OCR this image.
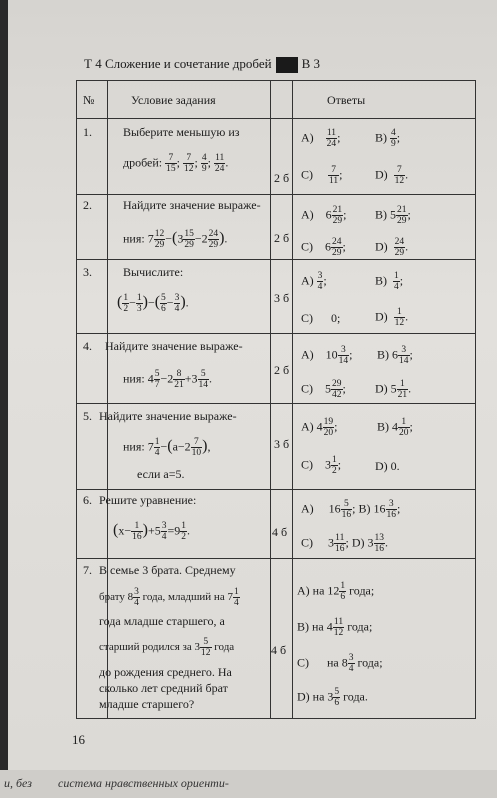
Т 4 Сложение и сочетание дробей В 3
№	Условие задания	Ответы
1.	Выберите меньшую из
дробей: $\frac{7}{15}$ ; $\frac{7}{12}$ ; $\frac{4}{9}$ ; $\frac{11}{24}$ .
2 б
$А) \frac{11}{24}$ ;	$В) \frac{4}{9}$ ;
$С) \frac{7}{11}$ ;	$D) \frac{7}{12}$ .
2.	Найдите значение выраже-
ния: $7 \frac{12}{29} -(3 \frac{15}{29} -2 \frac{24}{29}$ ).	2 б
А)    $6 \frac{21}{29}$ ; В) $5 \frac{21}{29}$ ;
С)    $6 \frac{24}{29}$ ; $D) \frac{24}{29}$ .
3.	Вычислите:
( $\frac{1}{2} - \frac{1}{3}$ )−( $\frac{5}{6} - \frac{3}{4}$ ).	3 б
$А) \frac{3}{4}$ ;	$В) \frac{1}{4}$ ;
С) 0;	$D) \frac{1}{12}$ .
4. Найдите значение выраже-
ния: $4 \frac{5}{7} -2 \frac{8}{21} +3 \frac{5}{14}$ .
2 б
А)    $10 \frac{3}{14}$ ; В) $6 \frac{3}{14}$ ;
С)    $5 \frac{29}{42}$ ; D) $5 \frac{1}{21}$ .
5. Найдите значение выраже-
ния: $7 \frac{1}{4} -(a-2 \frac{7}{10}$ ),
если a=5.
3 б
А) $4 \frac{19}{20}$ ;	В) $4 \frac{1}{20}$ ;
С)    $3 \frac{1}{2}$ ;	D) 0.
6. Решите уравнение:
$(x- \frac{1}{16} )+5 \frac{3}{4} =9 \frac{1}{2}$ .	4 б
А)     $16 \frac{5}{16}$ ; В) $16 \frac{3}{16}$ ;
С)     $3 \frac{11}{16}$ ; D) $3 \frac{13}{16}$ .
7. В семье 3 брата. Среднему
брату $8 \frac{3}{4}$ года, младший на $7 \frac{1}{4}$
года младше старшего, а
старший родился за $3 \frac{5}{12}$ года
до рождения среднего. На
сколько лет средний брат
младше старшего?
4 б
А) на $12 \frac{1}{6}$ года;
В) на $4 \frac{11}{12}$ года;
С) на $8 \frac{3}{4}$ года;
D) на $3 \frac{5}{6}$ года.
16
и, без системa нравственных ориенти-
